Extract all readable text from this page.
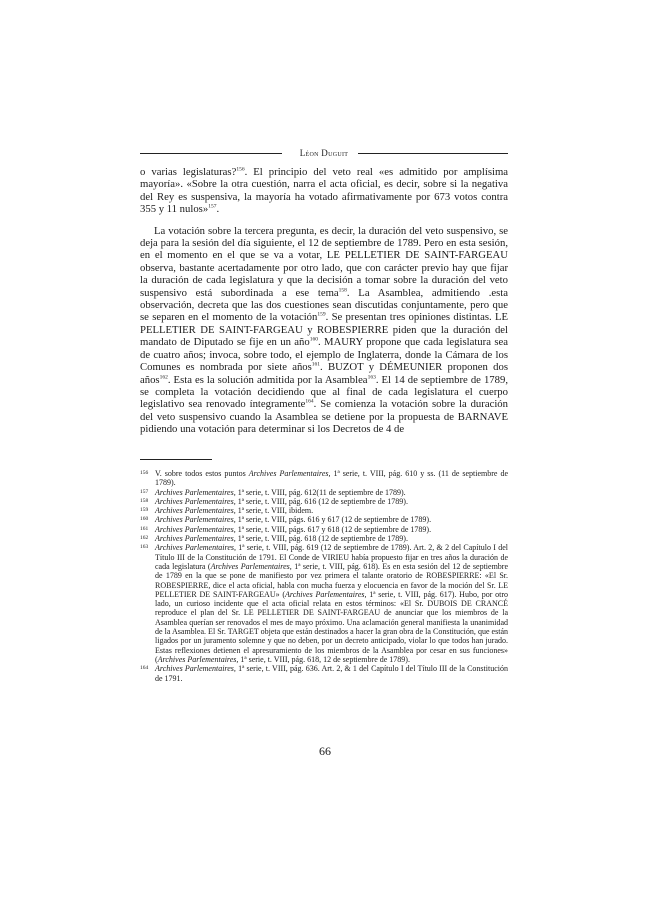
Léon Duguit

o varias legislaturas?$^{156}$. El principio del veto real «es admitido por amplísima mayoría». «Sobre la otra cuestión, narra el acta oficial, es decir, sobre si la negativa del Rey es suspensiva, la mayoría ha votado afirmativamente por 673 votos contra 355 y 11 nulos»$^{157}$.

La votación sobre la tercera pregunta, es decir, la duración del veto suspensivo, se deja para la sesión del día siguiente, el 12 de septiembre de 1789. Pero en esta sesión, en el momento en el que se va a votar, LE PELLETIER DE SAINT-FARGEAU observa, bastante acertadamente por otro lado, que con carácter previo hay que fijar la duración de cada legislatura y que la decisión a tomar sobre la duración del veto suspensivo está subordinada a ese tema$^{158}$. La Asamblea, admitiendo .esta observación, decreta que las dos cuestiones sean discutidas conjuntamente, pero que se separen en el momento de la votación$^{159}$. Se presentan tres opiniones distintas. LE PELLETIER DE SAINT-FARGEAU y ROBESPIERRE piden que la duración del mandato de Diputado se fije en un año$^{160}$. MAURY propone que cada legislatura sea de cuatro años; invoca, sobre todo, el ejemplo de Inglaterra, donde la Cámara de los Comunes es nombrada por siete años$^{161}$. BUZOT y DÉMEUNIER proponen dos años$^{162}$. Esta es la solución admitida por la Asamblea$^{163}$. El 14 de septiembre de 1789, se completa la votación decidiendo que al final de cada legislatura el cuerpo legislativo sea renovado íntegramente$^{164}$. Se comienza la votación sobre la duración del veto suspensivo cuando la Asamblea se detiene por la propuesta de BARNAVE pidiendo una votación para determinar si los Decretos de 4 de

156 V. sobre todos estos puntos Archives Parlementaires, 1ª serie, t. VIII, pág. 610 y ss. (11 de septiembre de 1789).
157 Archives Parlementaires, 1ª serie, t. VIII, pág. 612(11 de septiembre de 1789).
158 Archives Parlementaires, 1ª serie, t. VIII, pág. 616 (12 de septiembre de 1789).
159 Archives Parlementaires, 1ª serie, t. VIII, ibidem.
160 Archives Parlementaires, 1ª serie, t. VIII, págs. 616 y 617 (12 de septiembre de 1789).
161 Archives Parlementaires, 1ª serie, t. VIII, págs. 617 y 618 (12 de septiembre de 1789).
162 Archives Parlementaires, 1ª serie, t. VIII, pág. 618 (12 de septiembre de 1789).
163 Archives Parlementaires, 1ª serie, t. VIII, pág. 619 (12 de septiembre de 1789). Art. 2, & 2 del Capítulo I del Título III de la Constitución de 1791. El Conde de VIRIEU había propuesto fijar en tres años la duración de cada legislatura (Archives Parlementaires, 1ª serie, t. VIII, pág. 618). Es en esta sesión del 12 de septiembre de 1789 en la que se pone de manifiesto por vez primera el talante oratorio de ROBESPIERRE: «El Sr. ROBESPIERRE, dice el acta oficial, habla con mucha fuerza y elocuencia en favor de la moción del Sr. LE PELLETIER DE SAINT-FARGEAU» (Archives Parlementaires, 1ª serie, t. VIII, pág. 617). Hubo, por otro lado, un curioso incidente que el acta oficial relata en estos términos: «El Sr. DUBOIS DE CRANCÉ reproduce el plan del Sr. LE PELLETIER DE SAINT-FARGEAU de anunciar que los miembros de la Asamblea querían ser renovados el mes de mayo próximo. Una aclamación general manifiesta la unanimidad de la Asamblea. El Sr. TARGET objeta que están destinados a hacer la gran obra de la Constitución, que están ligados por un juramento solemne y que no deben, por un decreto anticipado, violar lo que todos han jurado. Estas reflexiones detienen el apresuramiento de los miembros de la Asamblea por cesar en sus funciones» (Archives Parlementaires, 1ª serie, t. VIII, pág. 618, 12 de septiembre de 1789).
164 Archives Parlementaires, 1ª serie, t. VIII, pág. 636. Art. 2, & 1 del Capítulo I del Título III de la Constitución de 1791.
66
